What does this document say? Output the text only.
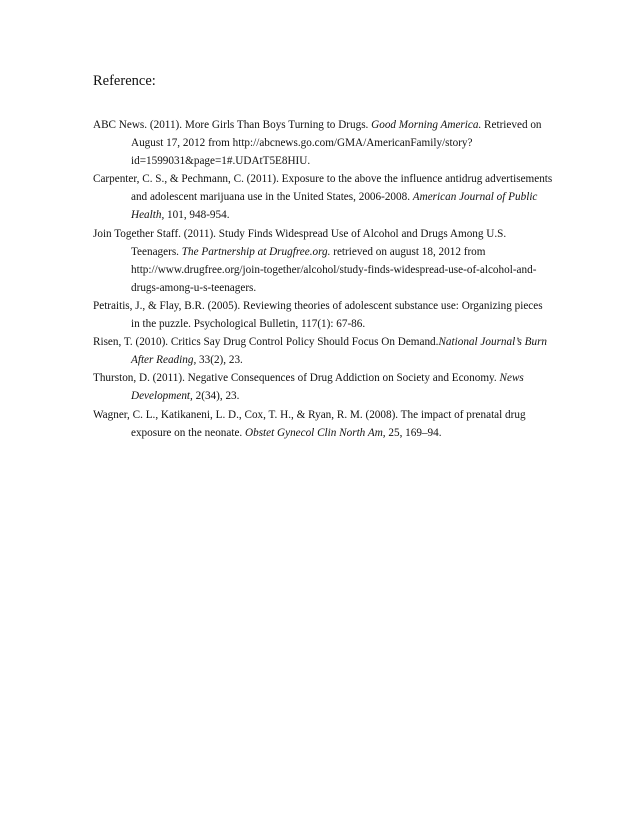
Reference:
ABC News. (2011). More Girls Than Boys Turning to Drugs. Good Morning America. Retrieved on August 17, 2012 from http://abcnews.go.com/GMA/AmericanFamily/story?id=1599031&page=1#.UDAtT5E8HIU.
Carpenter, C. S., & Pechmann, C. (2011). Exposure to the above the influence antidrug advertisements and adolescent marijuana use in the United States, 2006-2008. American Journal of Public Health, 101, 948-954.
Join Together Staff. (2011). Study Finds Widespread Use of Alcohol and Drugs Among U.S. Teenagers. The Partnership at Drugfree.org. retrieved on august 18, 2012 from http://www.drugfree.org/join-together/alcohol/study-finds-widespread-use-of-alcohol-and-drugs-among-u-s-teenagers.
Petraitis, J., & Flay, B.R. (2005). Reviewing theories of adolescent substance use: Organizing pieces in the puzzle. Psychological Bulletin, 117(1): 67-86.
Risen, T. (2010). Critics Say Drug Control Policy Should Focus On Demand.National Journal’s Burn After Reading, 33(2), 23.
Thurston, D. (2011). Negative Consequences of Drug Addiction on Society and Economy. News Development, 2(34), 23.
Wagner, C. L., Katikaneni, L. D., Cox, T. H., & Ryan, R. M. (2008). The impact of prenatal drug exposure on the neonate. Obstet Gynecol Clin North Am, 25, 169–94.
